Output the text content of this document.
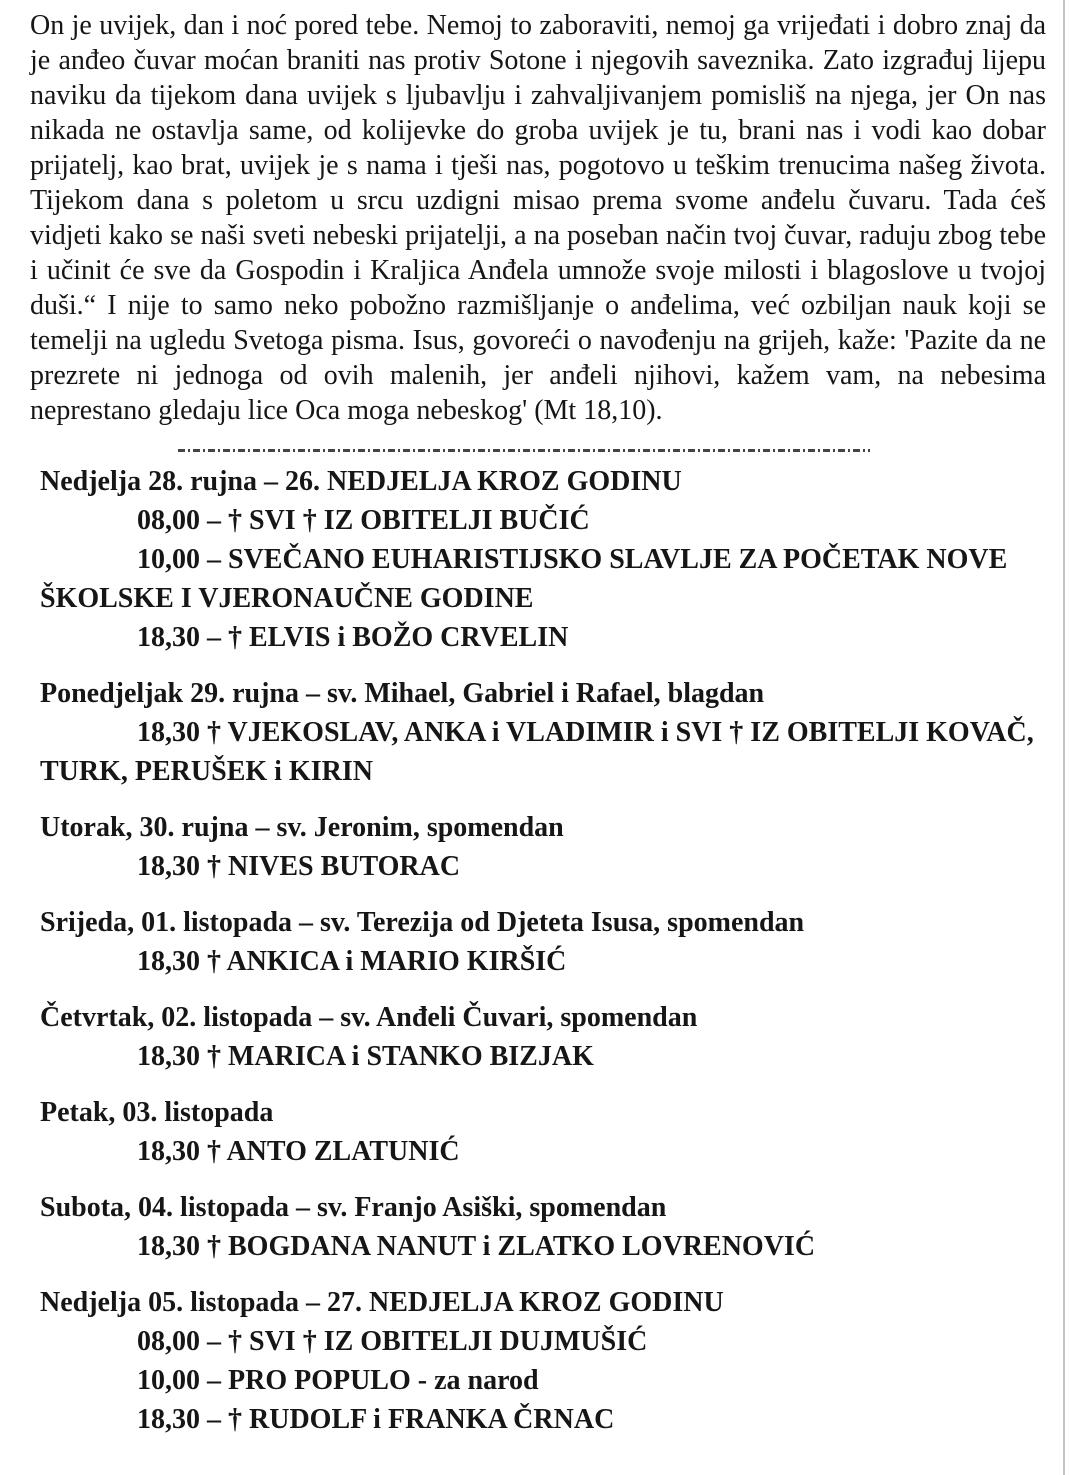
On je uvijek, dan i noć pored tebe. Nemoj to zaboraviti, nemoj ga vrijeđati i dobro znaj da je anđeo čuvar moćan braniti nas protiv Sotone i njegovih saveznika. Zato izgrađuj lijepu naviku da tijekom dana uvijek s ljubavlju i zahvaljivanjem pomisliš na njega, jer On nas nikada ne ostavlja same, od kolijevke do groba uvijek je tu, brani nas i vodi kao dobar prijatelj, kao brat, uvijek je s nama i tješi nas, pogotovo u teškim trenucima našeg života. Tijekom dana s poletom u srcu uzdigni misao prema svome anđelu čuvaru. Tada ćeš vidjeti kako se naši sveti nebeski prijatelji, a na poseban način tvoj čuvar, raduju zbog tebe i učinit će sve da Gospodin i Kraljica Anđela umnože svoje milosti i blagoslove u tvojoj duši.“ I nije to samo neko pobožno razmišljanje o anđelima, već ozbiljan nauk koji se temelji na ugledu Svetoga pisma. Isus, govoreći o navođenju na grijeh, kaže: 'Pazite da ne prezrete ni jednoga od ovih malenih, jer anđeli njihovi, kažem vam, na nebesima neprestano gledaju lice Oca moga nebeskog' (Mt 18,10).

Nedjelja 28. rujna – 26. NEDJELJA KROZ GODINU

08,00 – † SVI † IZ OBITELJI BUČIĆ

10,00 – SVEČANO EUHARISTIJSKO SLAVLJE ZA POČETAK NOVE ŠKOLSKE I VJERONAUČNE GODINE

18,30 – † ELVIS i BOŽO CRVELIN

Ponedjeljak 29. rujna – sv. Mihael, Gabriel i Rafael, blagdan

18,30 † VJEKOSLAV, ANKA i VLADIMIR i SVI † IZ OBITELJI KOVAČ, TURK, PERUŠEK i KIRIN

Utorak, 30. rujna – sv. Jeronim, spomendan

18,30 † NIVES BUTORAC

Srijeda, 01. listopada – sv. Terezija od Djeteta Isusa, spomendan

18,30 † ANKICA i MARIO KIRŠIĆ

Četvrtak, 02. listopada – sv. Anđeli Čuvari, spomendan

18,30 † MARICA i STANKO BIZJAK

Petak, 03. listopada

18,30 † ANTO ZLATUNIĆ

Subota, 04. listopada – sv. Franjo Asiški, spomendan

18,30 † BOGDANA NANUT i ZLATKO LOVRENOVIĆ

Nedjelja 05. listopada – 27. NEDJELJA KROZ GODINU

08,00 – † SVI † IZ OBITELJI DUJMUŠIĆ

10,00 – PRO POPULO - za narod

18,30 – † RUDOLF i FRANKA ČRNAC
